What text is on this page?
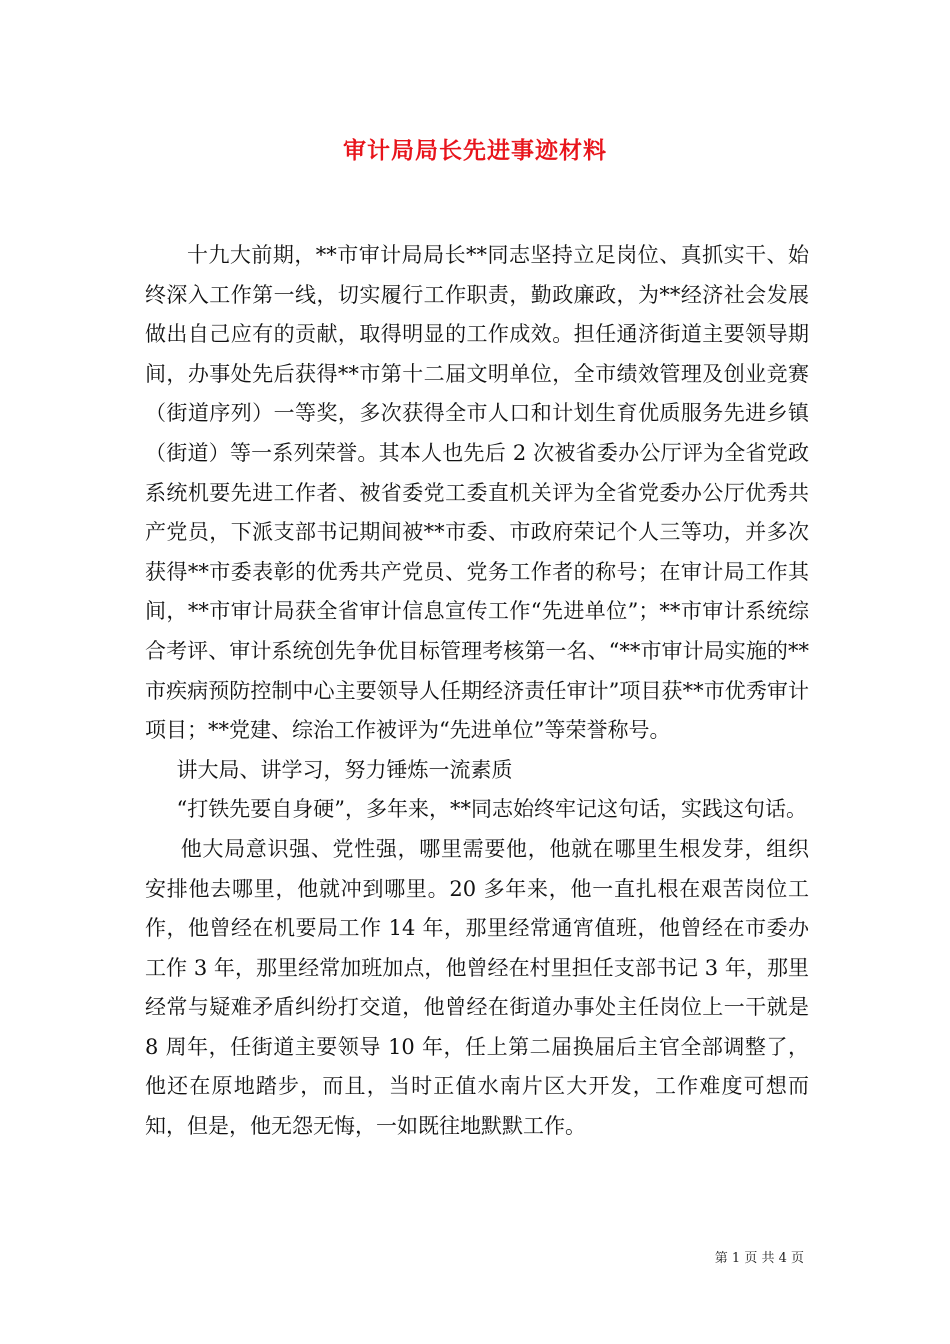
审计局局长先进事迹材料

十九大前期，**市审计局局长**同志坚持立足岗位、真抓实干、始终深入工作第一线，切实履行工作职责，勤政廉政，为**经济社会发展做出自己应有的贡献，取得明显的工作成效。担任通济街道主要领导期间，办事处先后获得**市第十二届文明单位，全市绩效管理及创业竞赛（街道序列）一等奖，多次获得全市人口和计划生育优质服务先进乡镇（街道）等一系列荣誉。其本人也先后 2 次被省委办公厅评为全省党政系统机要先进工作者、被省委党工委直机关评为全省党委办公厅优秀共产党员，下派支部书记期间被**市委、市政府荣记个人三等功，并多次获得**市委表彰的优秀共产党员、党务工作者的称号；在审计局工作其间，**市审计局获全省审计信息宣传工作“先进单位”；**市审计系统综合考评、审计系统创先争优目标管理考核第一名、“**市审计局实施的**市疾病预防控制中心主要领导人任期经济责任审计”项目获**市优秀审计项目；**党建、综治工作被评为“先进单位”等荣誉称号。

讲大局、讲学习，努力锤炼一流素质

“打铁先要自身硬”，多年来，**同志始终牢记这句话，实践这句话。

他大局意识强、党性强，哪里需要他，他就在哪里生根发芽，组织安排他去哪里，他就冲到哪里。20 多年来，他一直扎根在艰苦岗位工作，他曾经在机要局工作 14 年，那里经常通宵值班，他曾经在市委办工作 3 年，那里经常加班加点，他曾经在村里担任支部书记 3 年，那里经常与疑难矛盾纠纷打交道，他曾经在街道办事处主任岗位上一干就是 8 周年，任街道主要领导 10 年，任上第二届换届后主官全部调整了，他还在原地踏步，而且，当时正值水南片区大开发，工作难度可想而知，但是，他无怨无悔，一如既往地默默工作。

第 1 页 共 4 页
